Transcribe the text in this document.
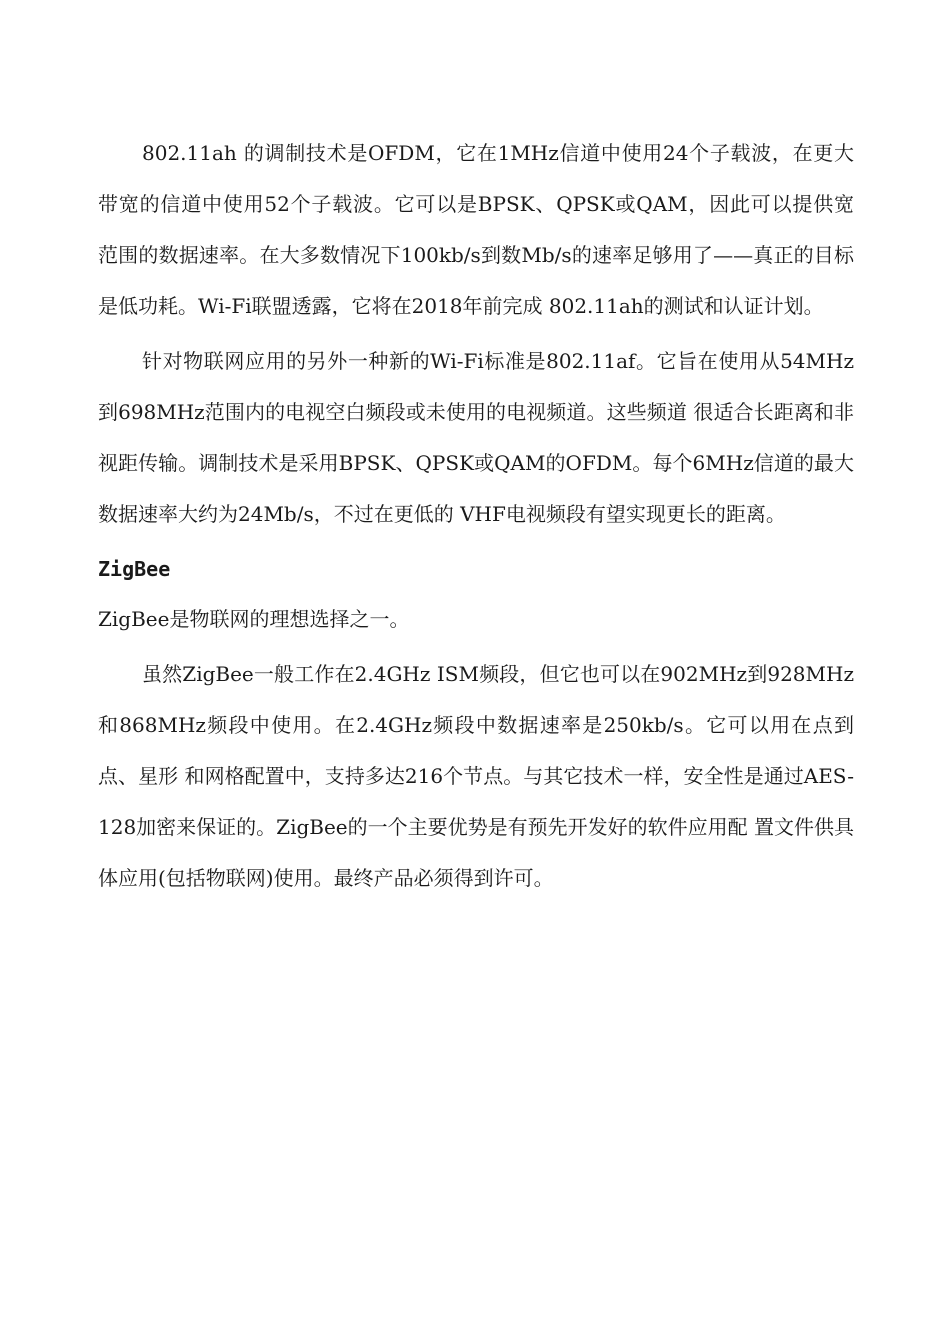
802.11ah 的调制技术是OFDM，它在1MHz信道中使用24个子载波，在更大带宽的信道中使用52个子载波。它可以是BPSK、QPSK或QAM，因此可以提供宽 范围的数据速率。在大多数情况下100kb/s到数Mb/s的速率足够用了——真正的目标是低功耗。Wi-Fi联盟透露，它将在2018年前完成 802.11ah的测试和认证计划。

针对物联网应用的另外一种新的Wi-Fi标准是802.11af。它旨在使用从54MHz到698MHz范围内的电视空白频段或未使用的电视频道。这些频道 很适合长距离和非视距传输。调制技术是采用BPSK、QPSK或QAM的OFDM。每个6MHz信道的最大数据速率大约为24Mb/s，不过在更低的 VHF电视频段有望实现更长的距离。

ZigBee

ZigBee是物联网的理想选择之一。

虽然ZigBee一般工作在2.4GHz ISM频段，但它也可以在902MHz到928MHz和868MHz频段中使用。在2.4GHz频段中数据速率是250kb/s。它可以用在点到点、星形 和网格配置中，支持多达216个节点。与其它技术一样，安全性是通过AES-128加密来保证的。ZigBee的一个主要优势是有预先开发好的软件应用配 置文件供具体应用(包括物联网)使用。最终产品必须得到许可。
